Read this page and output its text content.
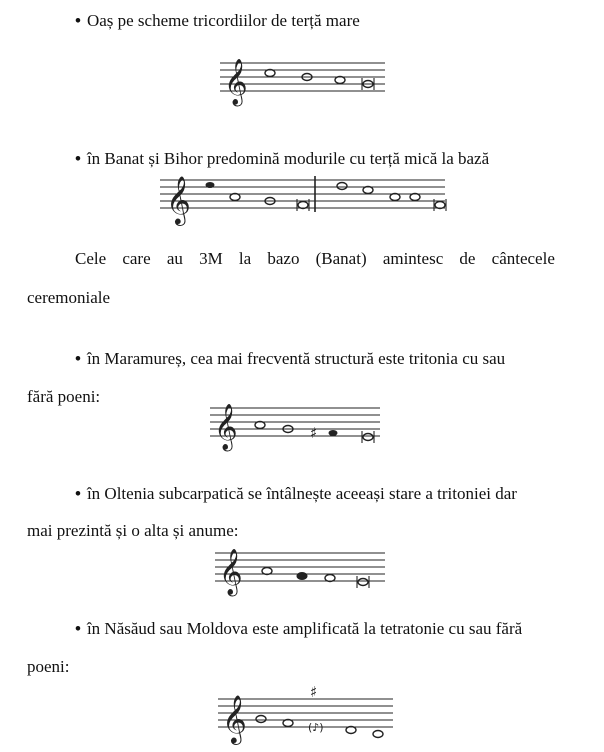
• Oaș pe scheme tricordiilor de terță mare
𝄞
• în Banat și Bihor predomină modurile cu terță mică la bază
𝄞
Cele care au 3M la bazo (Banat) amintesc de cântecele
ceremoniale
• în Maramureș, cea mai frecventă structură este tritonia cu sau
fără poeni:
𝄞	♯
• în Oltenia subcarpatică se întâlnește aceeași stare a tritoniei dar
mai prezintă și o alta și anume:
𝄞
• în Năsăud sau Moldova este amplificată la tetratonie cu sau fără
poeni:
𝄞
♯
(♪)
